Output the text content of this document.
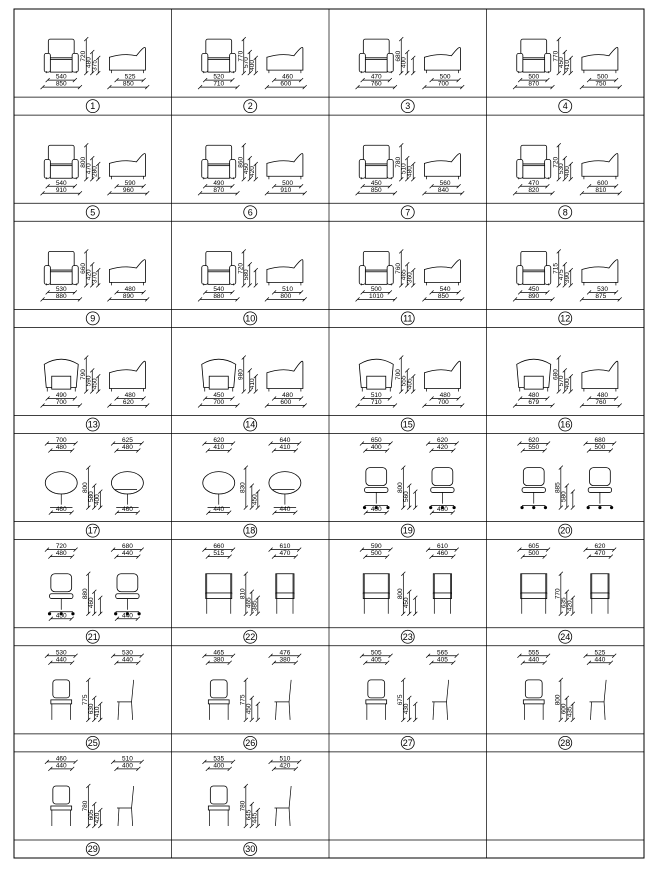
1
720
480 375
540
850
525
850
2
770
570 400
520
710
460
600
3
680
400
470
760
500
700
4
770
450 410
500
870
500
750
5
800
470 280
540
910
590
960
6
860
450 420
490
870
500
910
7
780
510 480
450
850
560
840
8
720
530 400
470
820
600
810
9
660
420 370
530
880
480
890
10
720
580
540
880
510
800
11
760
465 360
500
1010
540
850
12
715
475 390
450
890
530
875
13
790
590 450
490
700
480
620
14
980
410
450
700
480
600
15
700
555 405
510
710
480
700
16
680
570 400
480
679
480
760
17
700
480
625
480
800
580 400
460	460
18
620
410
640
410
830
450
440	440
19
650
400
620
420
800
560
400	460
20
620
550
680
500
885
580
21
720
480
680
440
880
460
450	440
22
660
515
610
470
810
465 385
23
590
500
610
460
800
450
24
605
500
620
470
770
635 420
25
530
440
530
440
775
630 410
26
465
380
476
380
775
450
27
505
405
565
405
675
430
28
555
440
525
440
800
600 435
29
460
440
510
400
780
605 420
30
535
400
510
420
780
645 445
